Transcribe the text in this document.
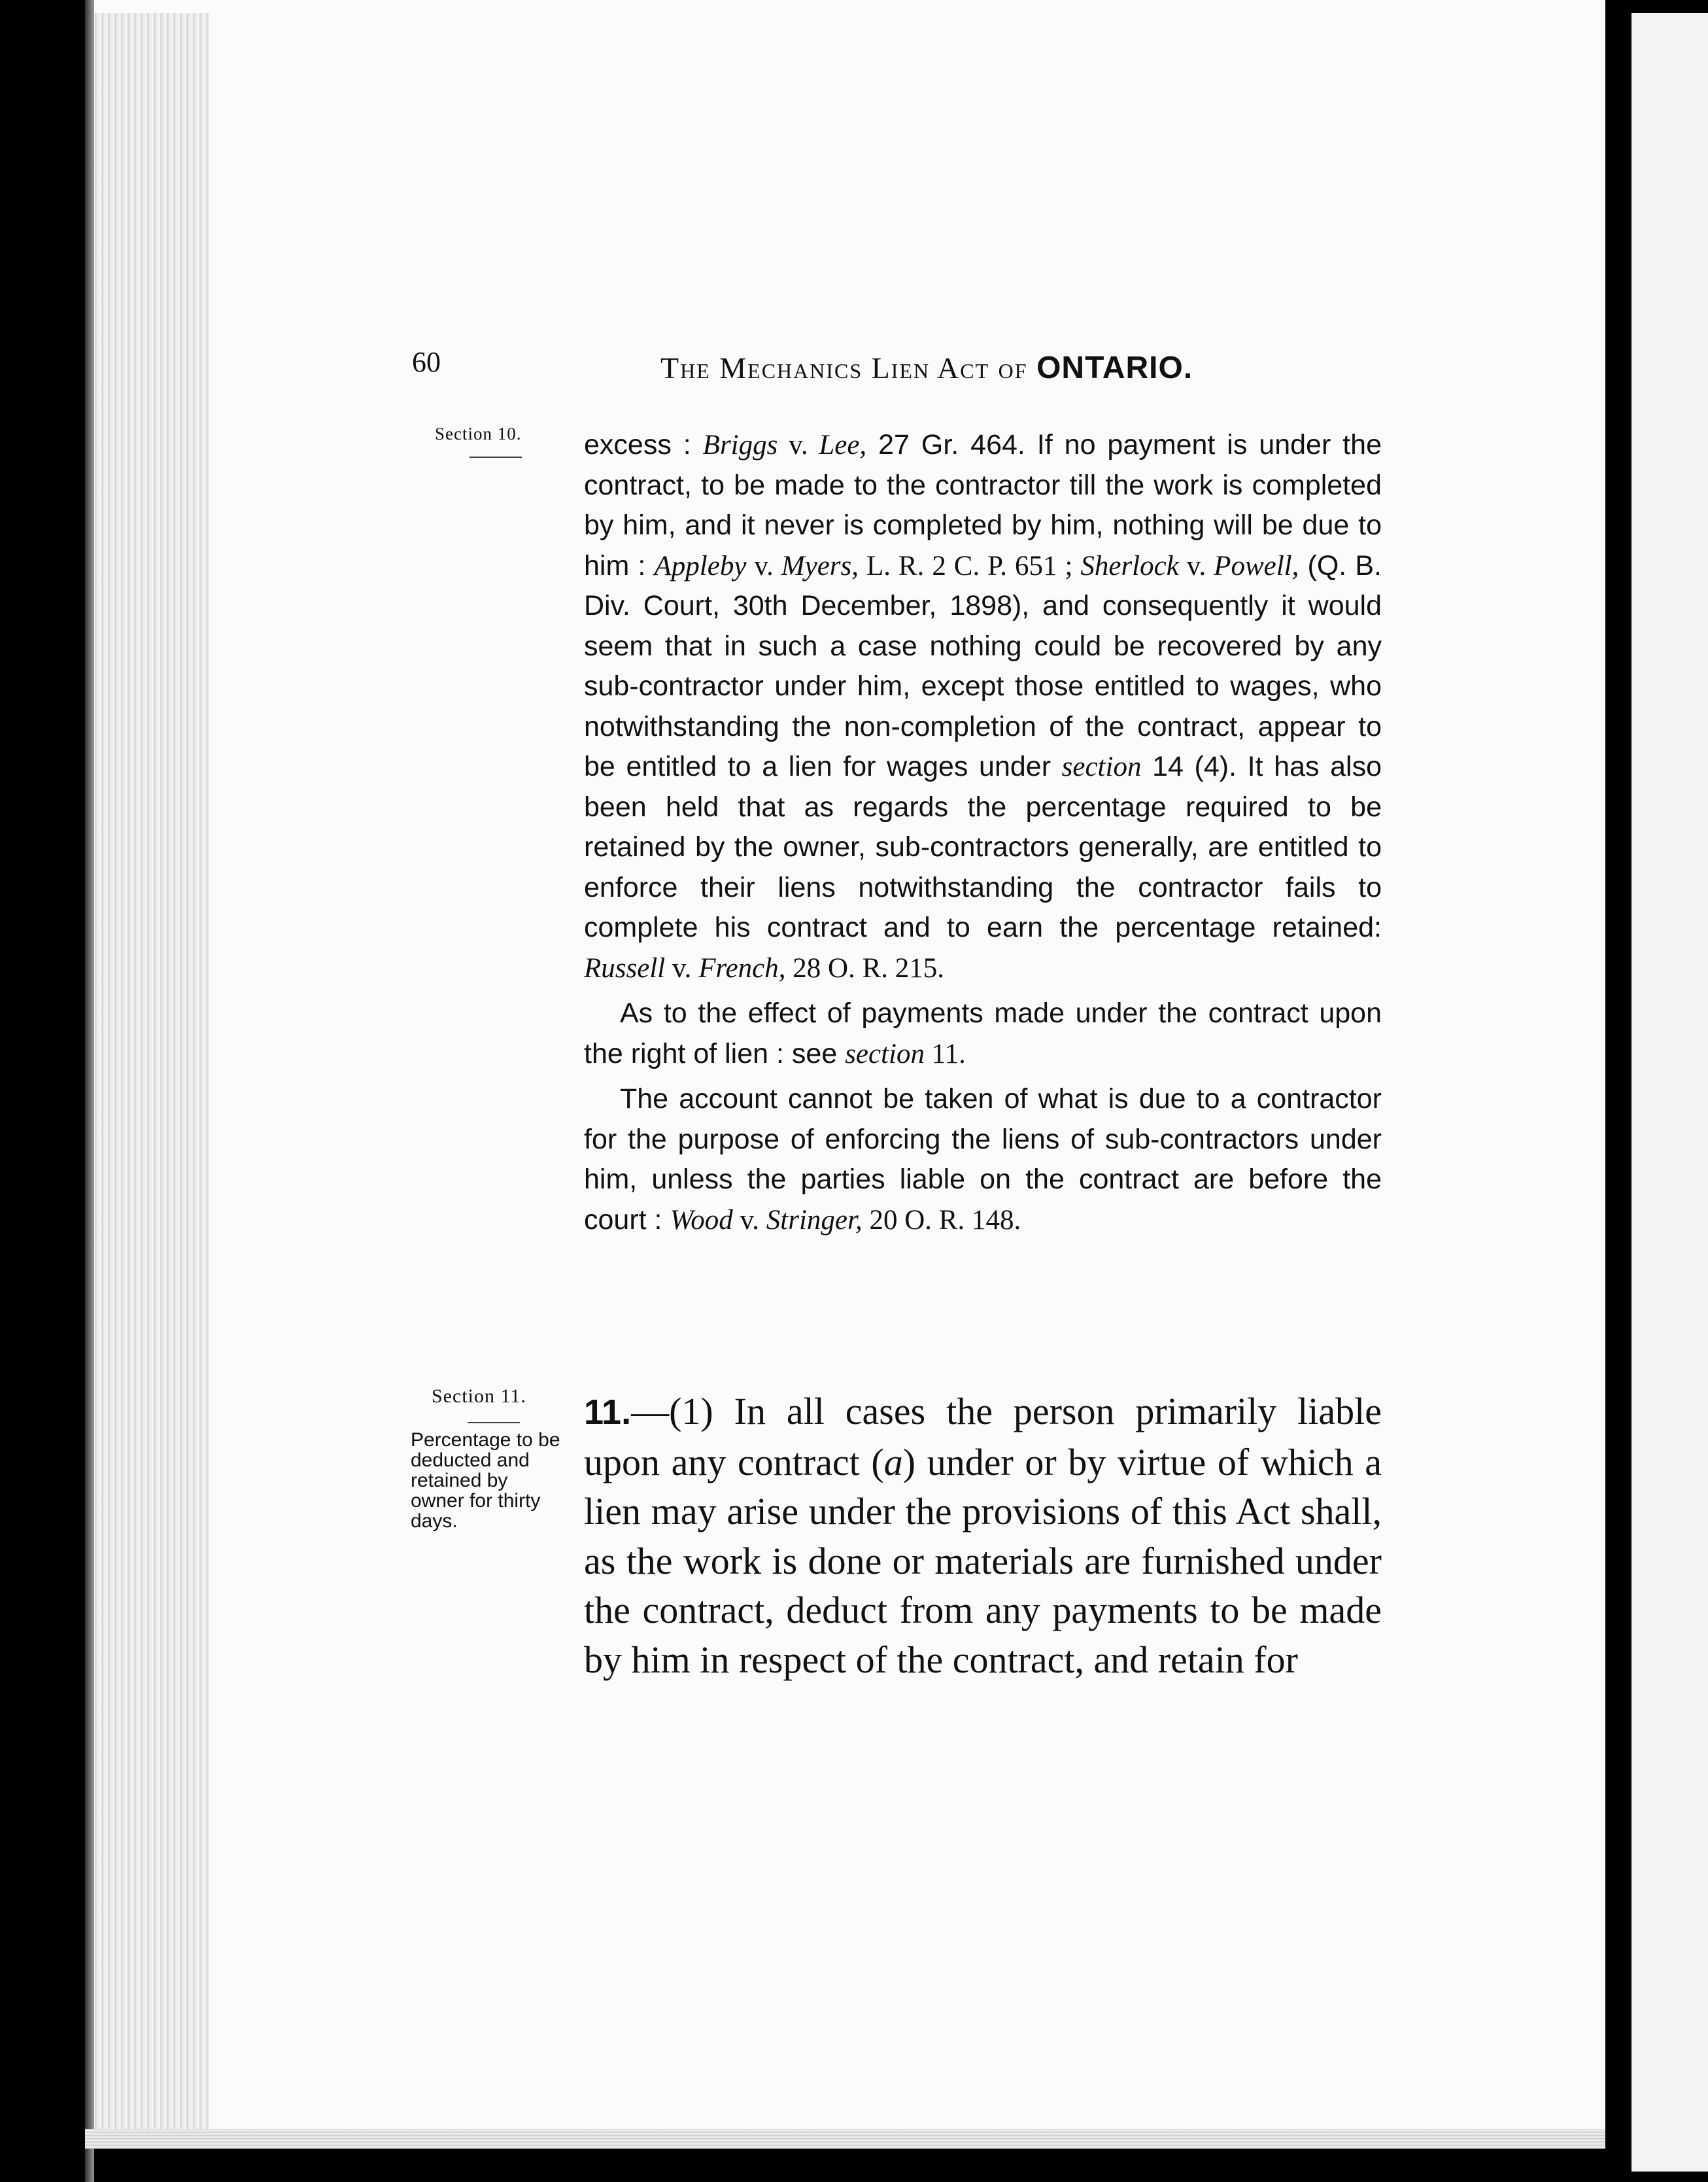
60	The Mechanics Lien Act of ONTARIO.
Section 10. excess : Briggs v. Lee, 27 Gr. 464. If no payment is under the contract, to be made to the contractor till the work is completed by him, and it never is completed by him, nothing will be due to him : Appleby v. Myers, L. R. 2 C. P. 651 ; Sherlock v. Powell, (Q. B. Div. Court, 30th December, 1898), and consequently it would seem that in such a case nothing could be recovered by any sub-contractor under him, except those entitled to wages, who notwithstanding the non-completion of the contract, appear to be entitled to a lien for wages under section 14 (4). It has also been held that as regards the percentage required to be retained by the owner, sub-contractors generally, are entitled to enforce their liens notwithstanding the contractor fails to complete his contract and to earn the percentage retained: Russell v. French, 28 O. R. 215.

As to the effect of payments made under the contract upon the right of lien : see section 11.

The account cannot be taken of what is due to a contractor for the purpose of enforcing the liens of sub-contractors under him, unless the parties liable on the contract are before the court : Wood v. Stringer, 20 O. R. 148.

Section 11.
Percentage to be deducted and retained by owner for thirty days.
11.—(1) In all cases the person primarily liable upon any contract (a) under or by virtue of which a lien may arise under the provisions of this Act shall, as the work is done or materials are furnished under the contract, deduct from any payments to be made by him in respect of the contract, and retain for
